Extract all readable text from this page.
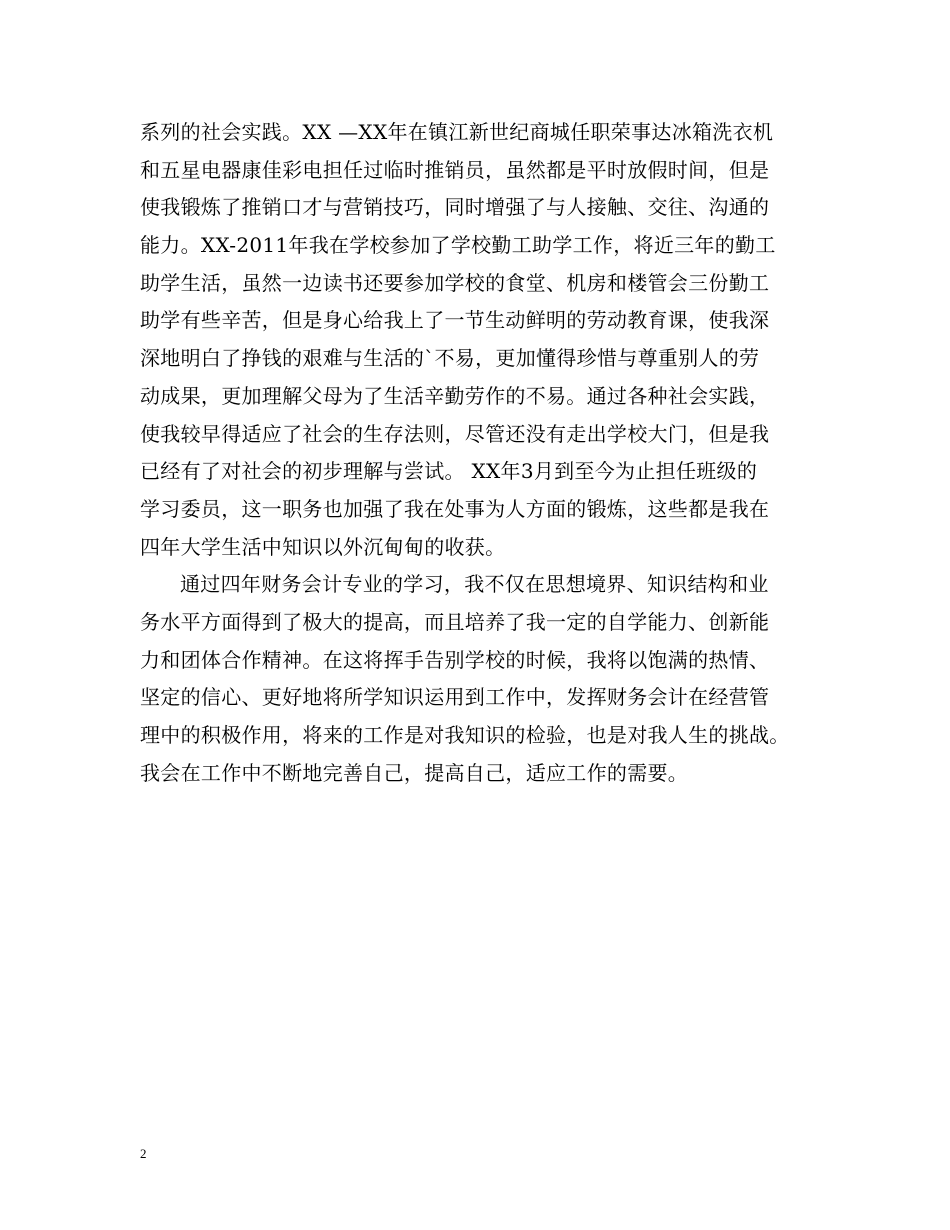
系列的社会实践。XX —XX年在镇江新世纪商城任职荣事达冰箱洗衣机
和五星电器康佳彩电担任过临时推销员，虽然都是平时放假时间，但是
使我锻炼了推销口才与营销技巧，同时增强了与人接触、交往、沟通的
能力。XX-2011年我在学校参加了学校勤工助学工作，将近三年的勤工
助学生活，虽然一边读书还要参加学校的食堂、机房和楼管会三份勤工
助学有些辛苦，但是身心给我上了一节生动鲜明的劳动教育课，使我深
深地明白了挣钱的艰难与生活的`不易，更加懂得珍惜与尊重别人的劳
动成果，更加理解父母为了生活辛勤劳作的不易。通过各种社会实践，
使我较早得适应了社会的生存法则，尽管还没有走出学校大门，但是我
已经有了对社会的初步理解与尝试。 XX年3月到至今为止担任班级的
学习委员，这一职务也加强了我在处事为人方面的锻炼，这些都是我在
四年大学生活中知识以外沉甸甸的收获。
通过四年财务会计专业的学习，我不仅在思想境界、知识结构和业
务水平方面得到了极大的提高，而且培养了我一定的自学能力、创新能
力和团体合作精神。在这将挥手告别学校的时候，我将以饱满的热情、
坚定的信心、更好地将所学知识运用到工作中，发挥财务会计在经营管
理中的积极作用，将来的工作是对我知识的检验，也是对我人生的挑战。
我会在工作中不断地完善自己，提高自己，适应工作的需要。
2
